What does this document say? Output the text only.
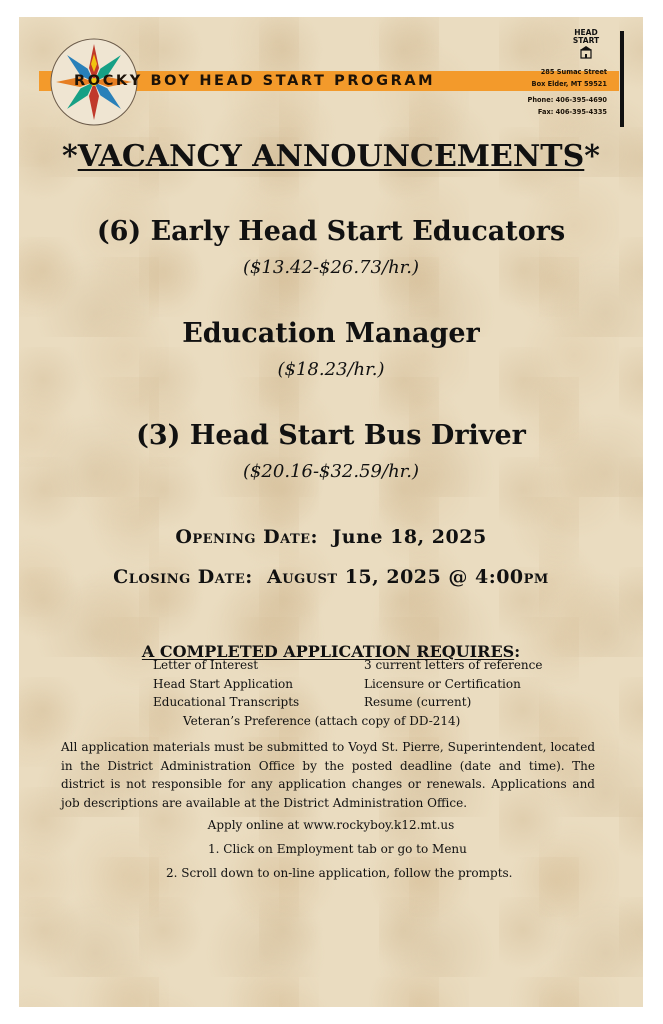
ROCKY BOY HEAD START PROGRAM
HEAD
START
285 Sumac Street
Box Elder, MT 59521
Phone: 406-395-4690
Fax: 406-395-4335
*VACANCY ANNOUNCEMENTS*
(6) Early Head Start Educators
($13.42-$26.73/hr.)
Education Manager
($18.23/hr.)
(3) Head Start Bus Driver
($20.16-$32.59/hr.)
Opening Date: June 18, 2025
Closing Date: August 15, 2025 @ 4:00pm
A COMPLETED APPLICATION REQUIRES:
Letter of Interest
Head Start Application
Educational Transcripts
3 current letters of reference
Licensure or Certification
Resume (current)
Veteran’s Preference (attach copy of DD-214)
All application materials must be submitted to Voyd St. Pierre, Superintendent, located in the District Administration Office by the posted deadline (date and time). The district is not responsible for any application changes or renewals. Applications and job descriptions are available at the District Administration Office.
Apply online at www.rockyboy.k12.mt.us
1. Click on Employment tab or go to Menu
2. Scroll down to on-line application, follow the prompts.
